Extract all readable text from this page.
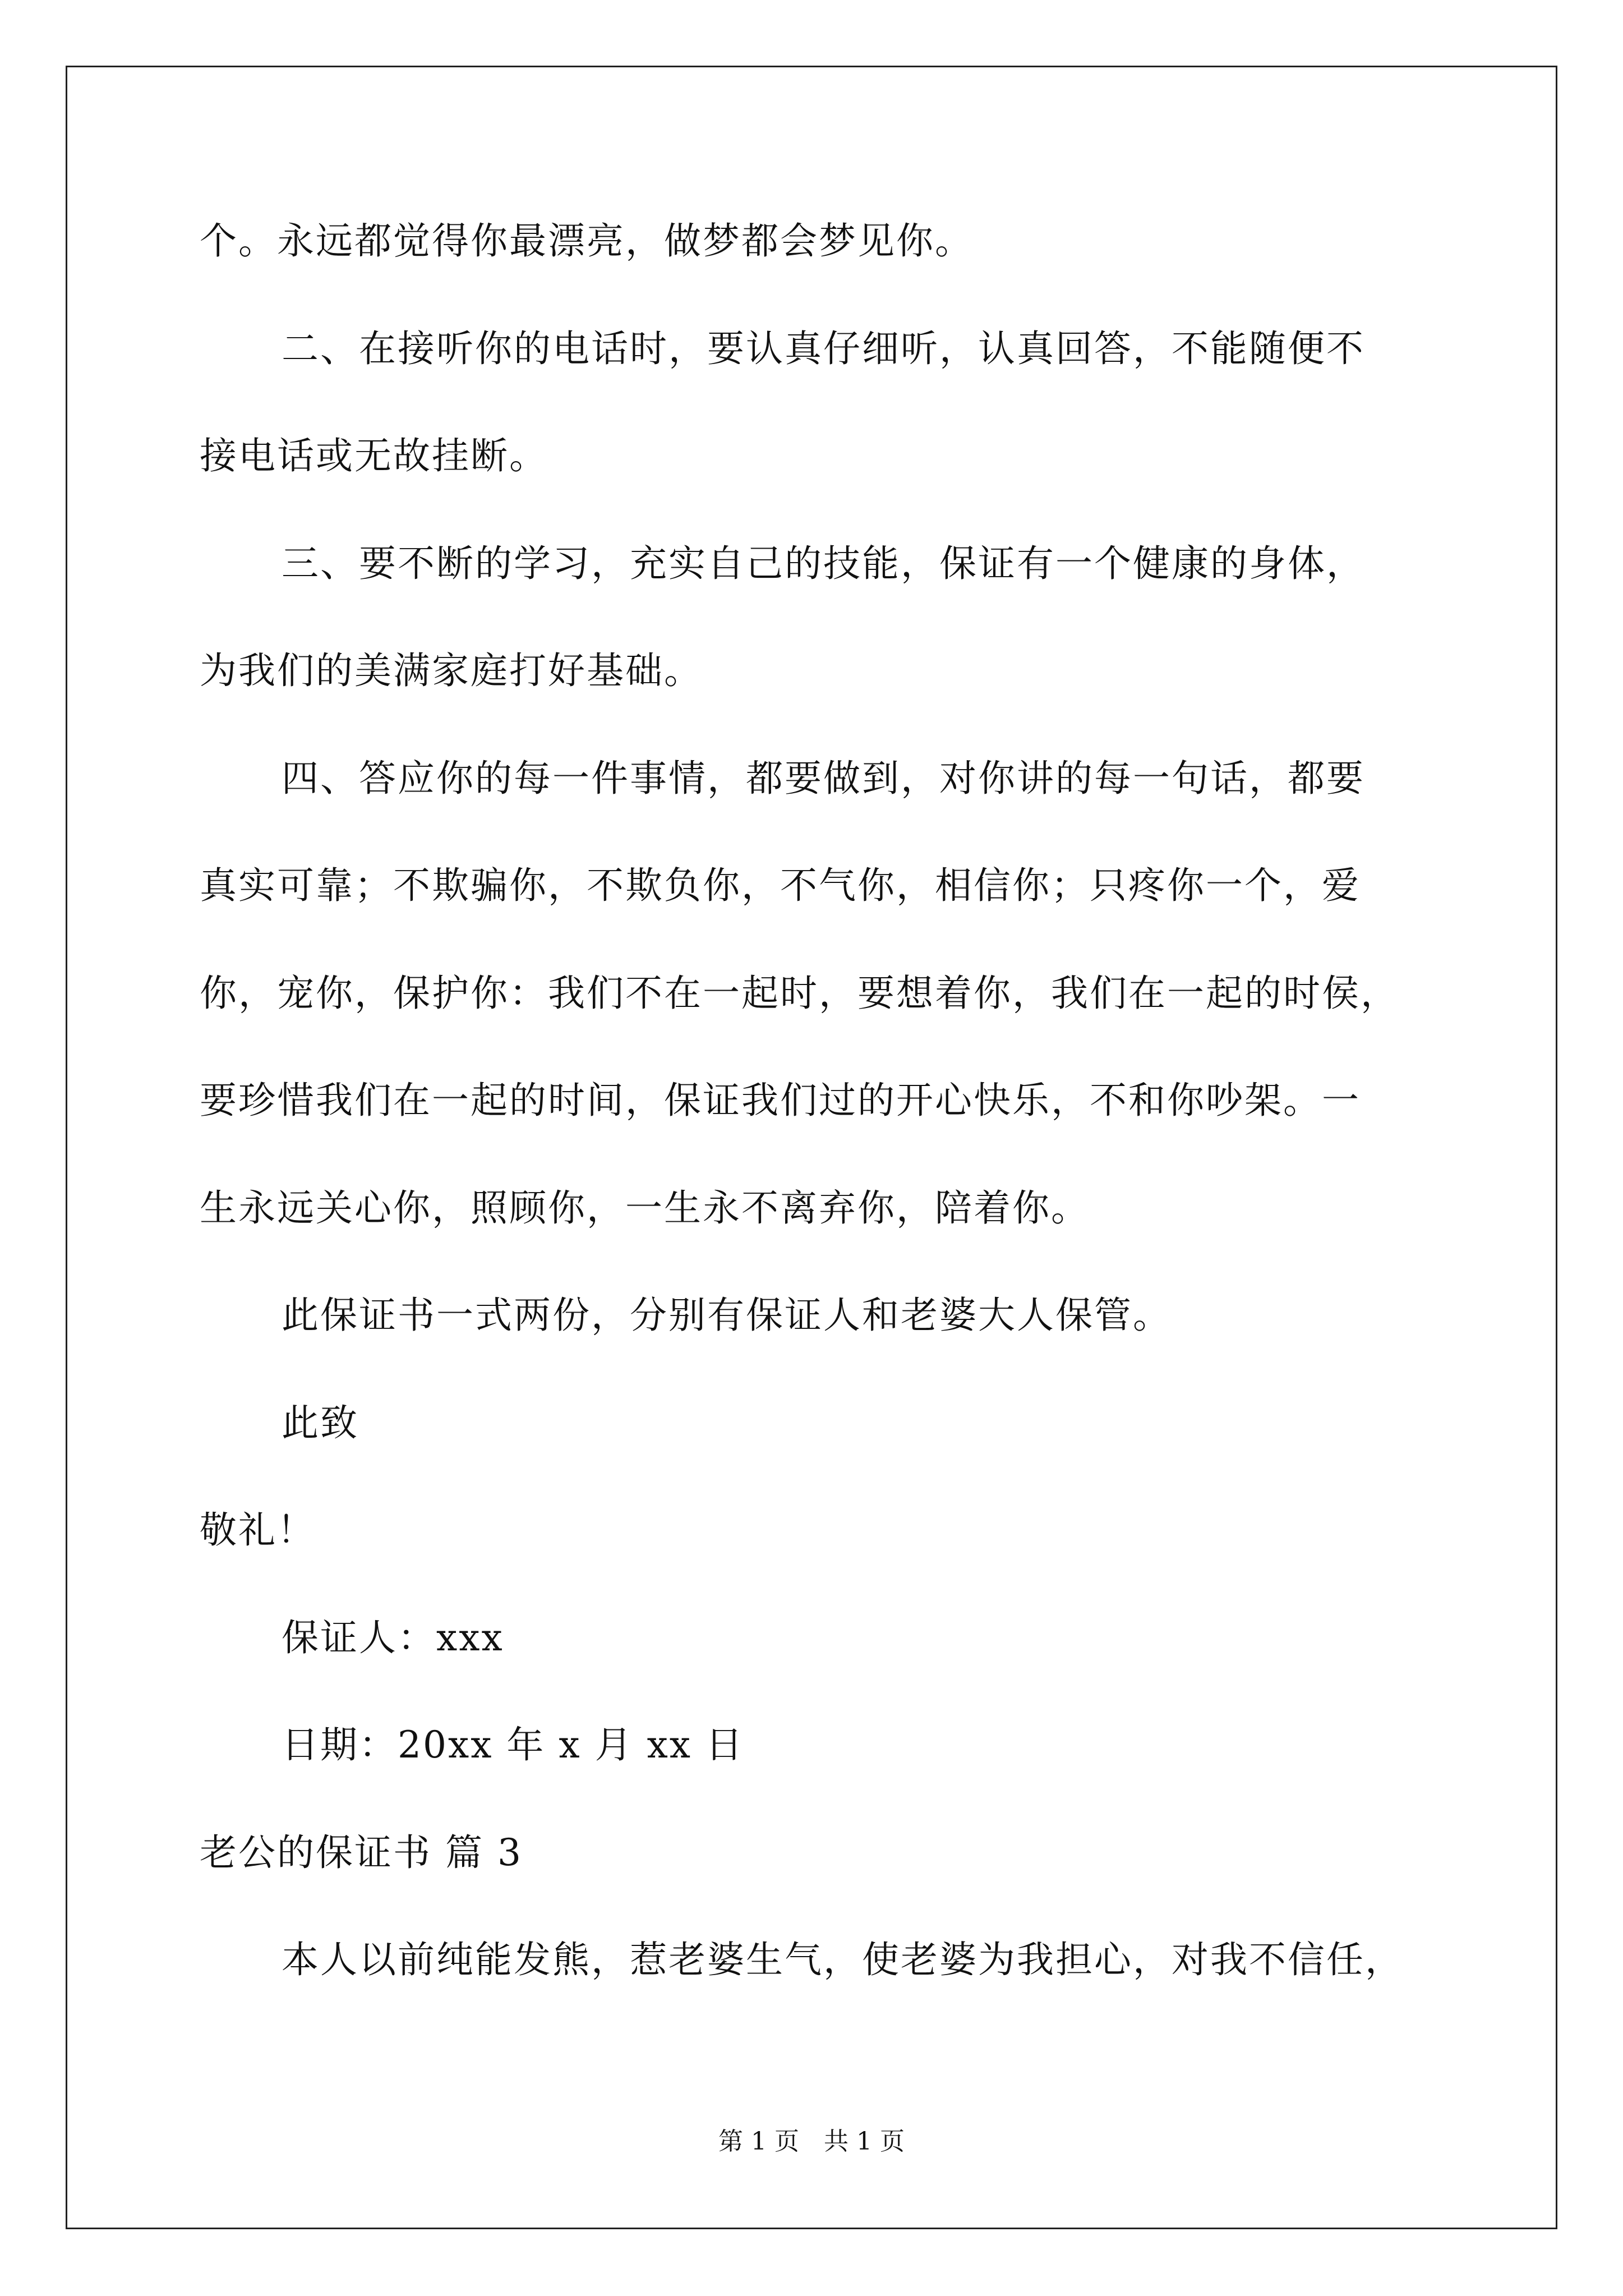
个。永远都觉得你最漂亮，做梦都会梦见你。
二、在接听你的电话时，要认真仔细听，认真回答，不能随便不
接电话或无故挂断。
三、要不断的学习，充实自己的技能，保证有一个健康的身体，
为我们的美满家庭打好基础。
四、答应你的每一件事情，都要做到，对你讲的每一句话，都要
真实可靠；不欺骗你，不欺负你，不气你，相信你；只疼你一个，爱
你，宠你，保护你：我们不在一起时，要想着你，我们在一起的时侯，
要珍惜我们在一起的时间，保证我们过的开心快乐，不和你吵架。一
生永远关心你，照顾你，一生永不离弃你，陪着你。
此保证书一式两份，分别有保证人和老婆大人保管。
此致
敬礼！
保证人：xxx
日期：20xx 年 x 月 xx 日
老公的保证书 篇 3
本人以前纯能发熊，惹老婆生气，使老婆为我担心，对我不信任，
第 1 页　共 1 页
